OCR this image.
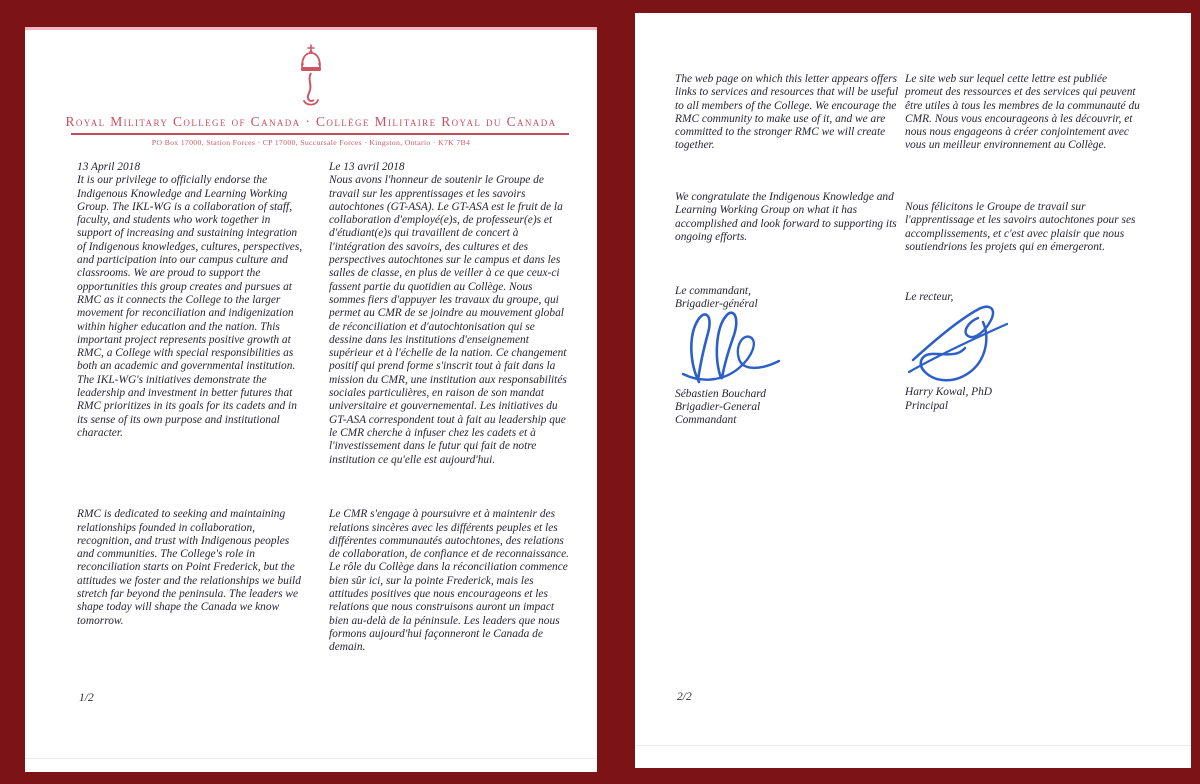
Royal Military College of Canada · Collège Militaire Royal du Canada
PO Box 17000, Station Forces · CP 17000, Succursale Forces · Kingston, Ontario · K7K 7B4

13 April 2018

It is our privilege to officially endorse the Indigenous Knowledge and Learning Working Group. The IKL-WG is a collaboration of staff, faculty, and students who work together in support of increasing and sustaining integration of Indigenous knowledges, cultures, perspectives, and participation into our campus culture and classrooms. We are proud to support the opportunities this group creates and pursues at RMC as it connects the College to the larger movement for reconciliation and indigenization within higher education and the nation. This important project represents positive growth at RMC, a College with special responsibilities as both an academic and governmental institution. The IKL-WG's initiatives demonstrate the leadership and investment in better futures that RMC prioritizes in its goals for its cadets and in its sense of its own purpose and institutional character.

RMC is dedicated to seeking and maintaining relationships founded in collaboration, recognition, and trust with Indigenous peoples and communities. The College's role in reconciliation starts on Point Frederick, but the attitudes we foster and the relationships we build stretch far beyond the peninsula. The leaders we shape today will shape the Canada we know tomorrow.

Le 13 avril 2018

Nous avons l'honneur de soutenir le Groupe de travail sur les apprentissages et les savoirs autochtones (GT-ASA). Le GT-ASA est le fruit de la collaboration d'employé(e)s, de professeur(e)s et d'étudiant(e)s qui travaillent de concert à l'intégration des savoirs, des cultures et des perspectives autochtones sur le campus et dans les salles de classe, en plus de veiller à ce que ceux-ci fassent partie du quotidien au Collège. Nous sommes fiers d'appuyer les travaux du groupe, qui permet au CMR de se joindre au mouvement global de réconciliation et d'autochtonisation qui se dessine dans les institutions d'enseignement supérieur et à l'échelle de la nation. Ce changement positif qui prend forme s'inscrit tout à fait dans la mission du CMR, une institution aux responsabilités sociales particulières, en raison de son mandat universitaire et gouvernemental. Les initiatives du GT-ASA correspondent tout à fait au leadership que le CMR cherche à infuser chez les cadets et à l'investissement dans le futur qui fait de notre institution ce qu'elle est aujourd'hui.

Le CMR s'engage à poursuivre et à maintenir des relations sincères avec les différents peuples et les différentes communautés autochtones, des relations de collaboration, de confiance et de reconnaissance. Le rôle du Collège dans la réconciliation commence bien sûr ici, sur la pointe Frederick, mais les attitudes positives que nous encourageons et les relations que nous construisons auront un impact bien au-delà de la péninsule. Les leaders que nous formons aujourd'hui façonneront le Canada de demain.

1/2

The web page on which this letter appears offers links to services and resources that will be useful to all members of the College. We encourage the RMC community to make use of it, and we are committed to the stronger RMC we will create together.

We congratulate the Indigenous Knowledge and Learning Working Group on what it has accomplished and look forward to supporting its ongoing efforts.

Le commandant,
Brigadier-général
Sébastien Bouchard
Brigadier-General
Commandant

Le site web sur lequel cette lettre est publiée promeut des ressources et des services qui peuvent être utiles à tous les membres de la communauté du CMR. Nous vous encourageons à les découvrir, et nous nous engageons à créer conjointement avec vous un meilleur environnement au Collège.

Nous félicitons le Groupe de travail sur l'apprentissage et les savoirs autochtones pour ses accomplissements, et c'est avec plaisir que nous soutiendrions les projets qui en émergeront.

Le recteur,
Harry Kowal, PhD
Principal
2/2
